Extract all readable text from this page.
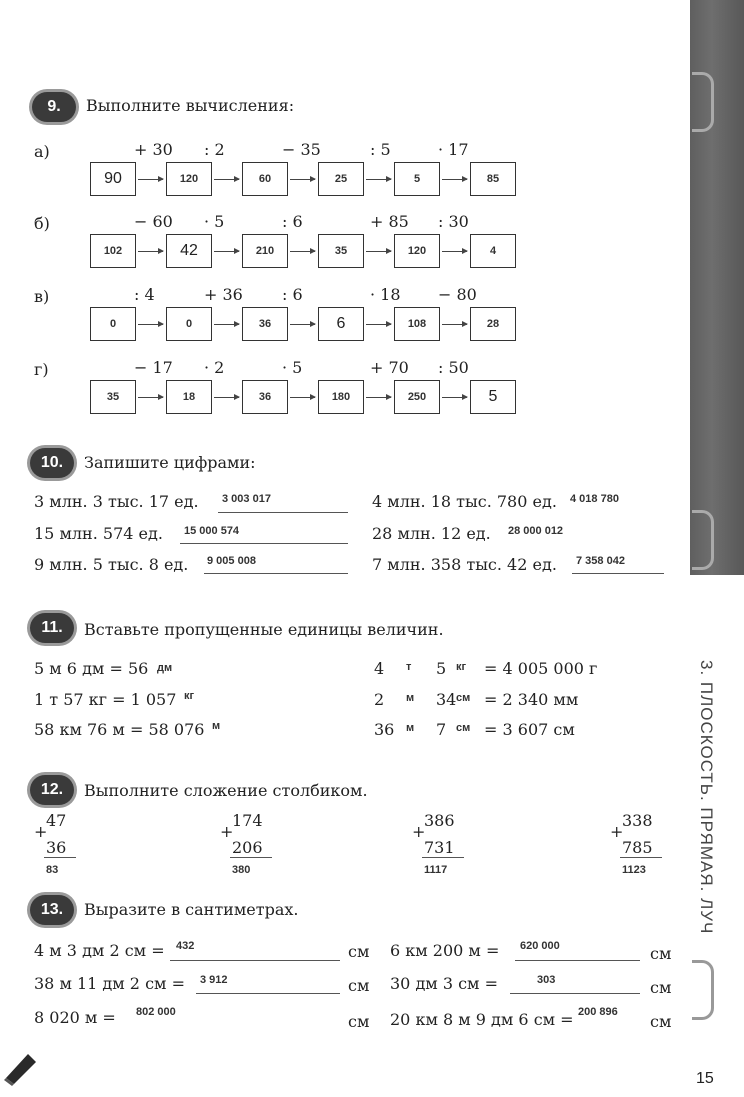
3. ПЛОСКОСТЬ. ПРЯМАЯ. ЛУЧ
9.	Выполните вычисления:
а)	+ 30 : 2	− 35	: 5	· 17
90	120	60	25	5	85
б)	− 60 · 5	: 6	+ 85 : 30
102	42	210	35	120	4
в)	: 4	+ 36 : 6	· 18 − 80
0	0	36	6	108	28
г)	− 17 · 2	· 5	+ 70 : 50
35	18	36	180	250	5
10.	Запишите цифрами:
3 млн. 3 тыс. 17 ед. 3 003 017	4 млн. 18 тыс. 780 ед. 4 018 780
15 млн. 574 ед. 15 000 574	28 млн. 12 ед. 28 000 012
9 млн. 5 тыс. 8 ед. 9 005 008	7 млн. 358 тыс. 42 ед. 7 358 042
11.	Вставьте пропущенные единицы величин.
5 м 6 дм = 56 дм
1 т 57 кг = 1 057 кг
58 км 76 м = 58 076 м
4 т 5 кг = 4 005 000 г
2 м 34 см = 2 340 мм
36 м 7 см = 3 607 см
12.	Выполните сложение столбиком.
+
47
36
83
+
174
206
380
+
386
731
1117
+
338
785
1123
13.	Выразите в сантиметрах.
4 м 3 дм 2 см = 432	см 6 км 200 м = 620 000	см
38 м 11 дм 2 см = 3 912	см 30 дм 3 см =	303	см
8 020 м = 802 000	см 20 км 8 м 9 дм 6 см = 200 896 см
15
